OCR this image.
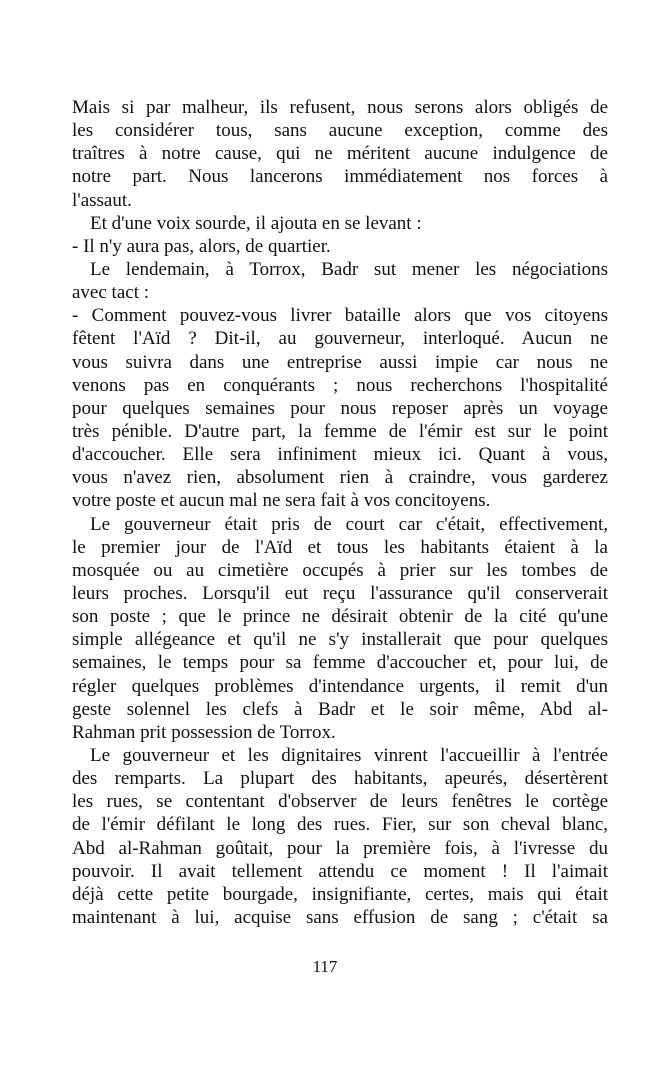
Mais si par malheur, ils refusent, nous serons alors obligés de
les considérer tous, sans aucune exception, comme des
traîtres à notre cause, qui ne méritent aucune indulgence de
notre part. Nous lancerons immédiatement nos forces à
l'assaut.
Et d'une voix sourde, il ajouta en se levant :
- Il n'y aura pas, alors, de quartier.
Le lendemain, à Torrox, Badr sut mener les négociations
avec tact :
- Comment pouvez-vous livrer bataille alors que vos citoyens
fêtent l'Aïd ? Dit-il, au gouverneur, interloqué. Aucun ne
vous suivra dans une entreprise aussi impie car nous ne
venons pas en conquérants ; nous recherchons l'hospitalité
pour quelques semaines pour nous reposer après un voyage
très pénible. D'autre part, la femme de l'émir est sur le point
d'accoucher. Elle sera infiniment mieux ici. Quant à vous,
vous n'avez rien, absolument rien à craindre, vous garderez
votre poste et aucun mal ne sera fait à vos concitoyens.
Le gouverneur était pris de court car c'était, effectivement,
le premier jour de l'Aïd et tous les habitants étaient à la
mosquée ou au cimetière occupés à prier sur les tombes de
leurs proches. Lorsqu'il eut reçu l'assurance qu'il conserverait
son poste ; que le prince ne désirait obtenir de la cité qu'une
simple allégeance et qu'il ne s'y installerait que pour quelques
semaines, le temps pour sa femme d'accoucher et, pour lui, de
régler quelques problèmes d'intendance urgents, il remit d'un
geste solennel les clefs à Badr et le soir même, Abd al-
Rahman prit possession de Torrox.
Le gouverneur et les dignitaires vinrent l'accueillir à l'entrée
des remparts. La plupart des habitants, apeurés, désertèrent
les rues, se contentant d'observer de leurs fenêtres le cortège
de l'émir défilant le long des rues. Fier, sur son cheval blanc,
Abd al-Rahman goûtait, pour la première fois, à l'ivresse du
pouvoir. Il avait tellement attendu ce moment ! Il l'aimait
déjà cette petite bourgade, insignifiante, certes, mais qui était
maintenant à lui, acquise sans effusion de sang ; c'était sa
117
